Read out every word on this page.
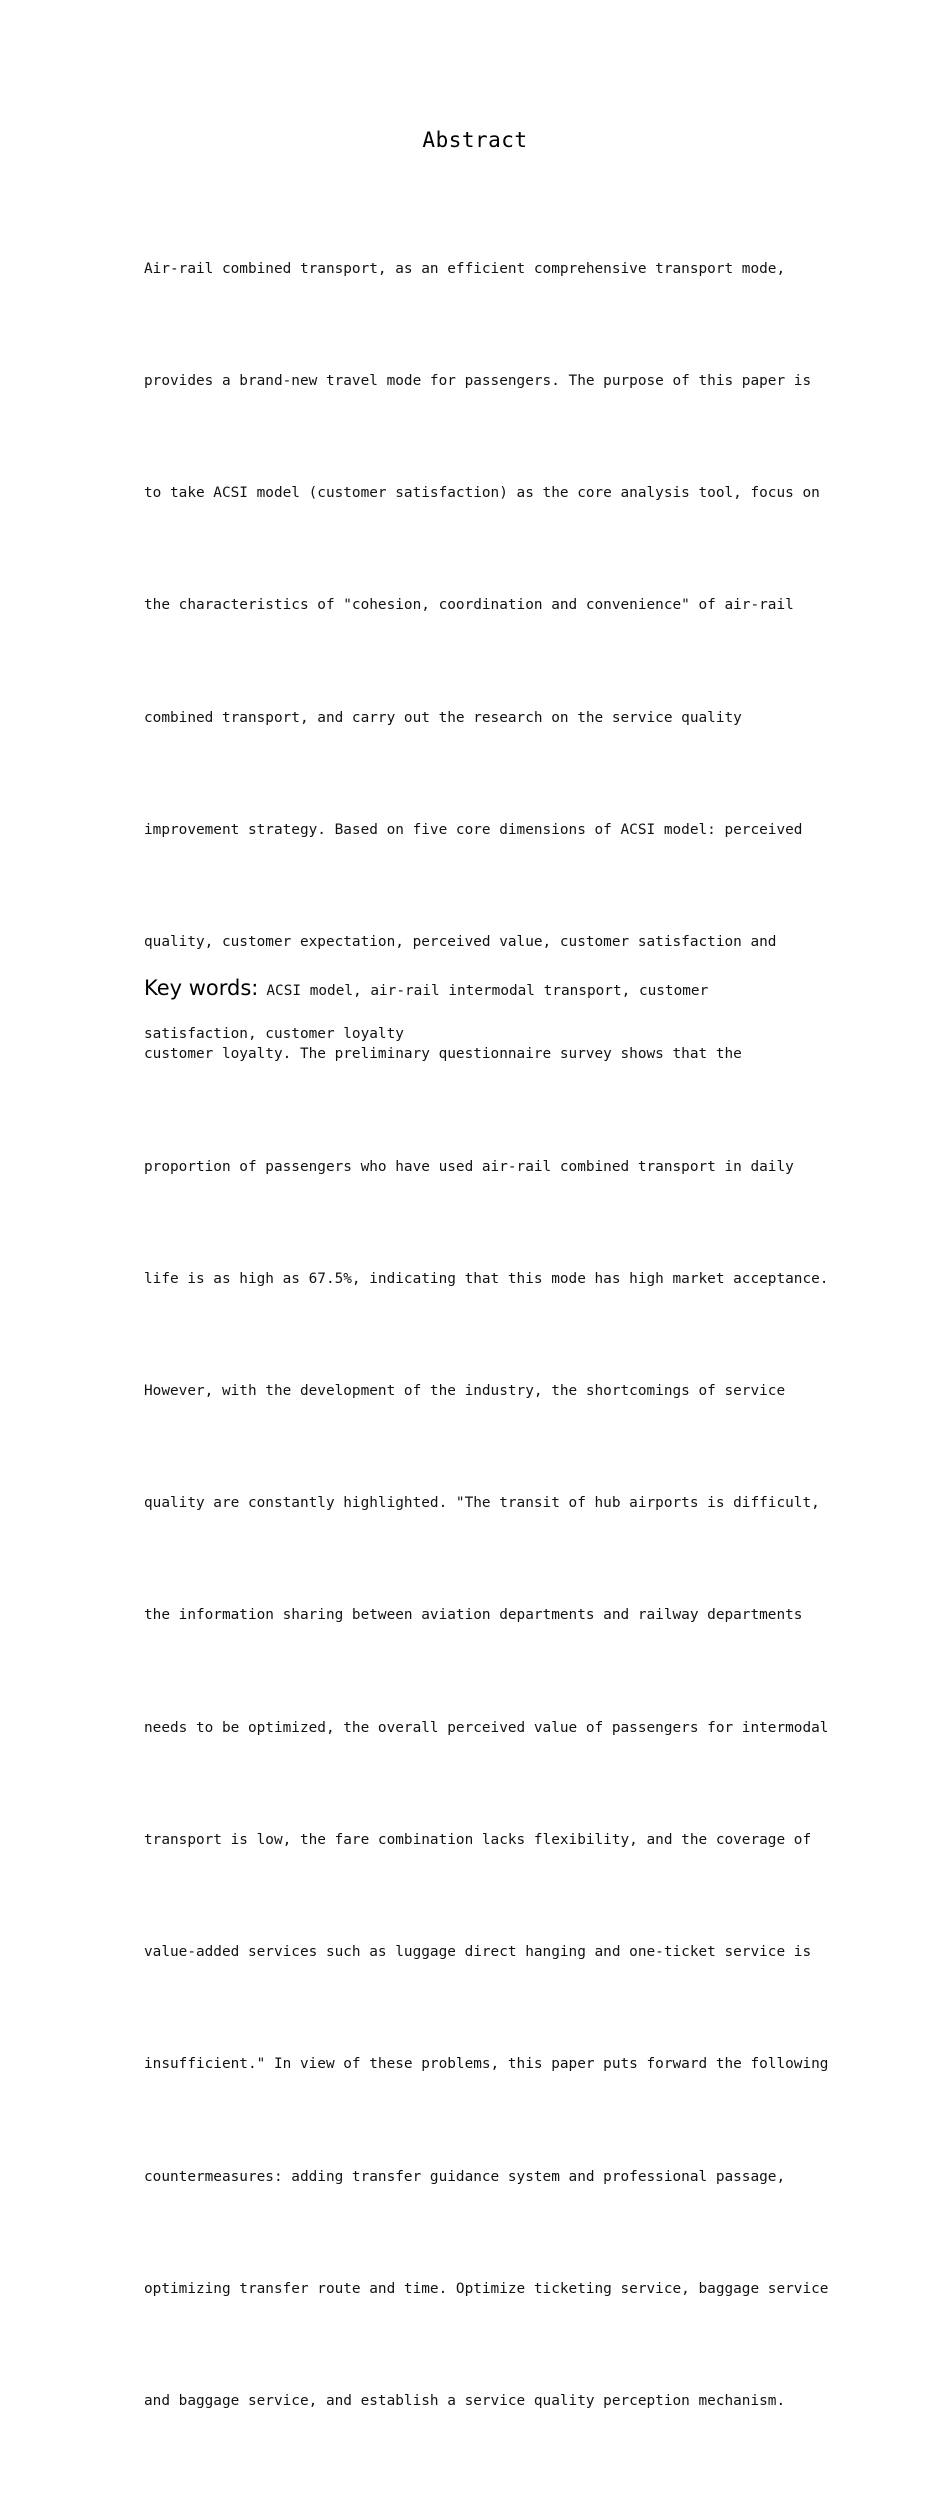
Abstract

Air-rail combined transport, as an efficient comprehensive transport mode,

provides a brand-new travel mode for passengers. The purpose of this paper is

to take ACSI model (customer satisfaction) as the core analysis tool, focus on

the characteristics of "cohesion, coordination and convenience" of air-rail

combined transport, and carry out the research on the service quality

improvement strategy. Based on five core dimensions of ACSI model: perceived

quality, customer expectation, perceived value, customer satisfaction and

customer loyalty. The preliminary questionnaire survey shows that the

proportion of passengers who have used air-rail combined transport in daily

life is as high as 67.5%, indicating that this mode has high market acceptance.

However, with the development of the industry, the shortcomings of service

quality are constantly highlighted. "The transit of hub airports is difficult,

the information sharing between aviation departments and railway departments

needs to be optimized, the overall perceived value of passengers for intermodal

transport is low, the fare combination lacks flexibility, and the coverage of

value-added services such as luggage direct hanging and one-ticket service is

insufficient." In view of these problems, this paper puts forward the following

countermeasures: adding transfer guidance system and professional passage,

optimizing transfer route and time. Optimize ticketing service, baggage service

and baggage service, and establish a service quality perception mechanism.

Key words: ACSI model, air-rail intermodal transport, customer
satisfaction, customer loyalty
